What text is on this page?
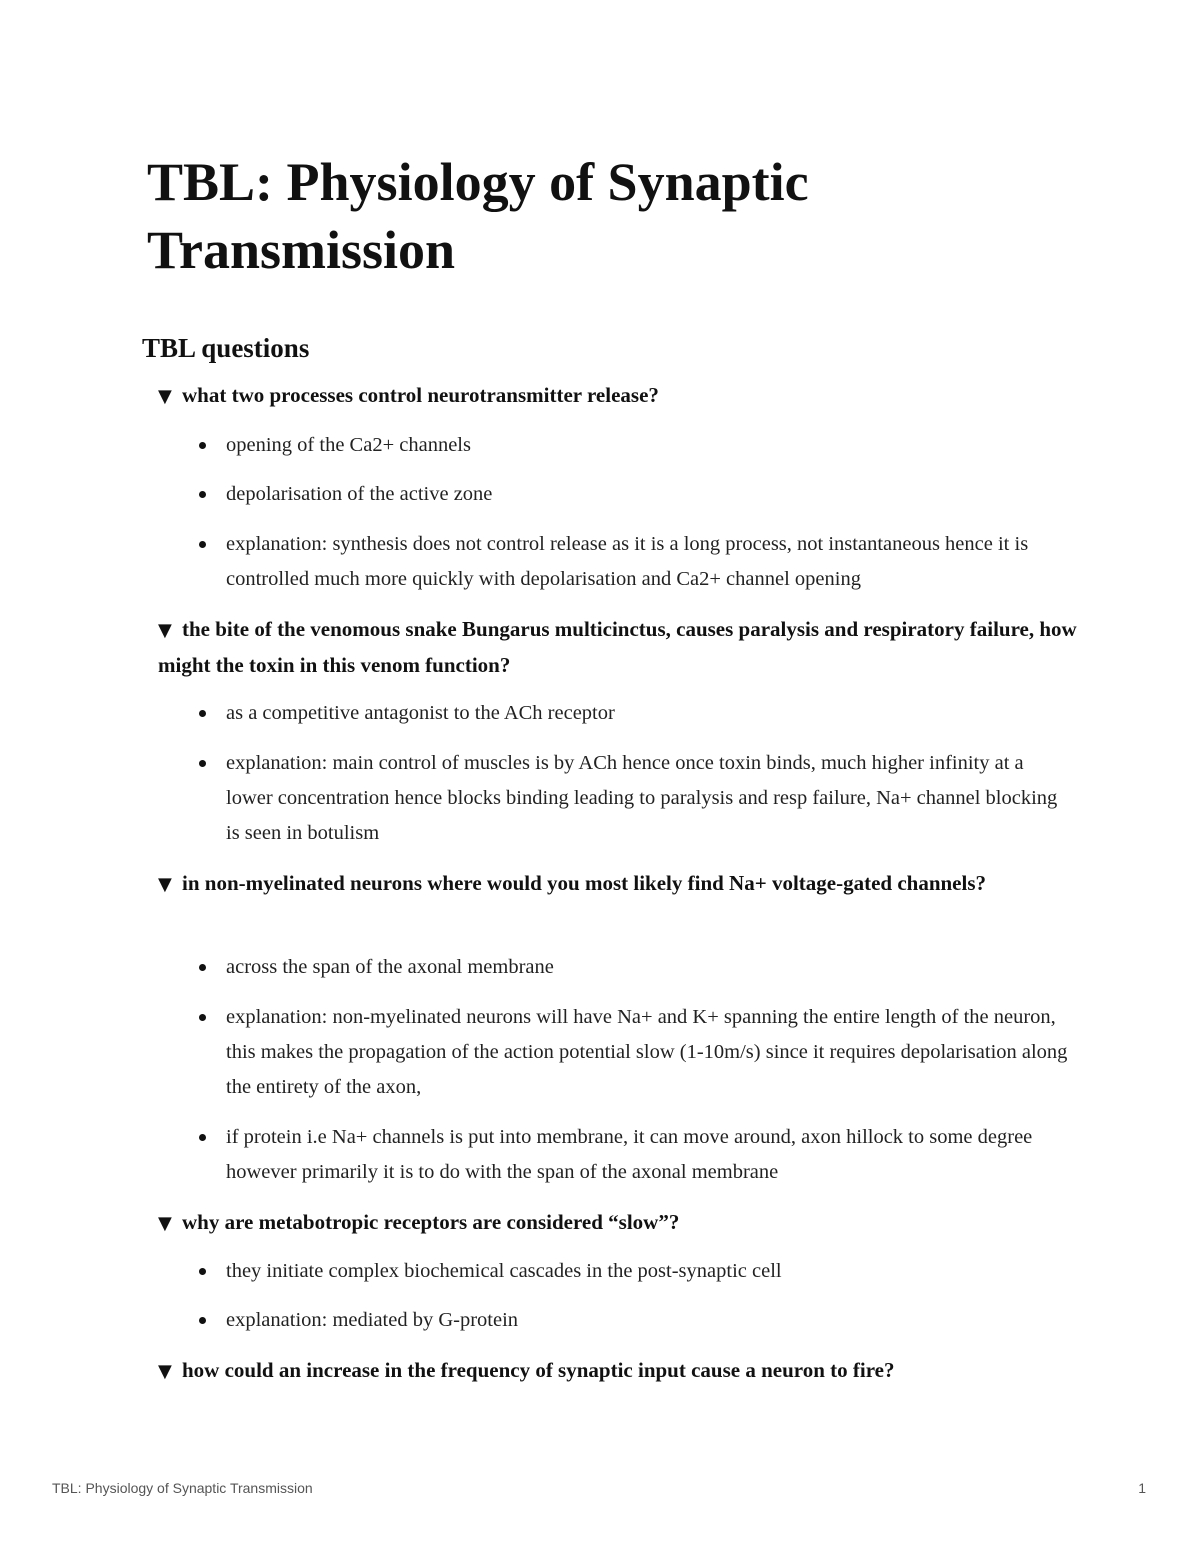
TBL: Physiology of Synaptic Transmission
TBL questions
▼ what two processes control neurotransmitter release?
opening of the Ca2+ channels
depolarisation of the active zone
explanation: synthesis does not control release as it is a long process, not instantaneous hence it is controlled much more quickly with depolarisation and Ca2+ channel opening
▼ the bite of the venomous snake Bungarus multicinctus, causes paralysis and respiratory failure, how might the toxin in this venom function?
as a competitive antagonist to the ACh receptor
explanation: main control of muscles is by ACh hence once toxin binds, much higher infinity at a lower concentration hence blocks binding leading to paralysis and resp failure, Na+ channel blocking is seen in botulism
▼ in non-myelinated neurons where would you most likely find Na+ voltage-gated channels?
across the span of the axonal membrane
explanation: non-myelinated neurons will have Na+ and K+ spanning the entire length of the neuron, this makes the propagation of the action potential slow (1-10m/s) since it requires depolarisation along the entirety of the axon,
if protein i.e Na+ channels is put into membrane, it can move around, axon hillock to some degree however primarily it is to do with the span of the axonal membrane
▼ why are metabotropic receptors are considered “slow”?
they initiate complex biochemical cascades in the post-synaptic cell
explanation: mediated by G-protein
▼ how could an increase in the frequency of synaptic input cause a neuron to fire?
TBL: Physiology of Synaptic Transmission	1
